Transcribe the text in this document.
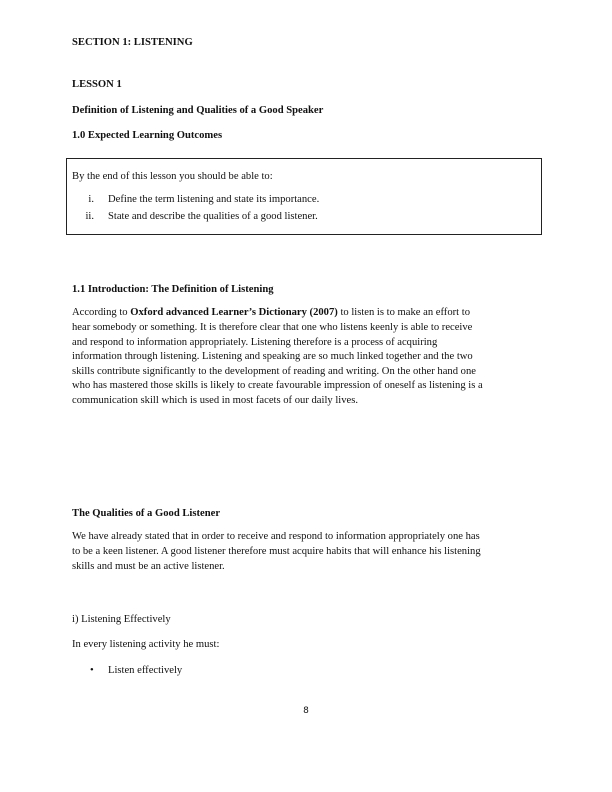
SECTION 1: LISTENING
LESSON 1
Definition of Listening and Qualities of a Good Speaker
1.0 Expected Learning Outcomes
By the end of this lesson you should be able to:
i. Define the term listening and state its importance.
ii. State and describe the qualities of a good listener.
1.1 Introduction: The Definition of Listening
According to Oxford advanced Learner’s Dictionary (2007) to listen is to make an effort to
hear somebody or something. It is therefore clear that one who listens keenly is able to receive
and respond to information appropriately. Listening therefore is a process of acquiring
information through listening. Listening and speaking are so much linked together and the two
skills contribute significantly to the development of reading and writing. On the other hand one
who has mastered those skills is likely to create favourable impression of oneself as listening is a
communication skill which is used in most facets of our daily lives.
The Qualities of a Good Listener
We have already stated that in order to receive and respond to information appropriately one has
to be a keen listener. A good listener therefore must acquire habits that will enhance his listening
skills and must be an active listener.
i) Listening Effectively
In every listening activity he must:
• Listen effectively
8
